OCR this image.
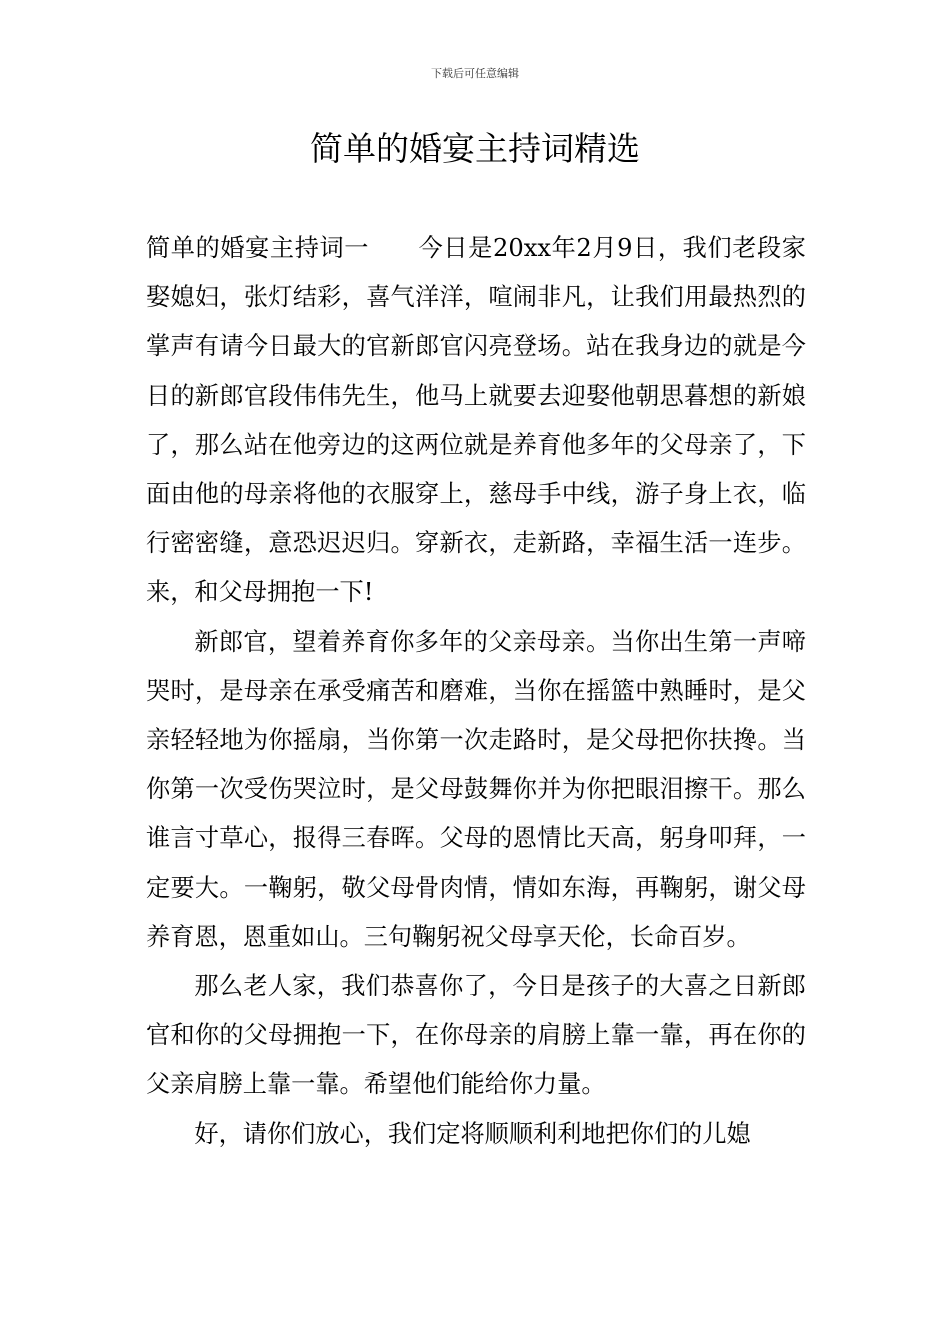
下载后可任意编辑
简单的婚宴主持词精选

简单的婚宴主持词一　　今日是20xx年2月9日，我们老段家娶媳妇，张灯结彩，喜气洋洋，喧闹非凡，让我们用最热烈的掌声有请今日最大的官新郎官闪亮登场。站在我身边的就是今日的新郎官段伟伟先生，他马上就要去迎娶他朝思暮想的新娘了，那么站在他旁边的这两位就是养育他多年的父母亲了，下面由他的母亲将他的衣服穿上，慈母手中线，游子身上衣，临行密密缝，意恐迟迟归。穿新衣，走新路，幸福生活一连步。来，和父母拥抱一下!

新郎官，望着养育你多年的父亲母亲。当你出生第一声啼哭时，是母亲在承受痛苦和磨难，当你在摇篮中熟睡时，是父亲轻轻地为你摇扇，当你第一次走路时，是父母把你扶搀。当你第一次受伤哭泣时，是父母鼓舞你并为你把眼泪擦干。那么谁言寸草心，报得三春晖。父母的恩情比天高，躬身叩拜，一定要大。一鞠躬，敬父母骨肉情，情如东海，再鞠躬，谢父母养育恩，恩重如山。三句鞠躬祝父母享天伦，长命百岁。

那么老人家，我们恭喜你了，今日是孩子的大喜之日新郎官和你的父母拥抱一下，在你母亲的肩膀上靠一靠，再在你的父亲肩膀上靠一靠。希望他们能给你力量。

好，请你们放心，我们定将顺顺利利地把你们的儿媳
